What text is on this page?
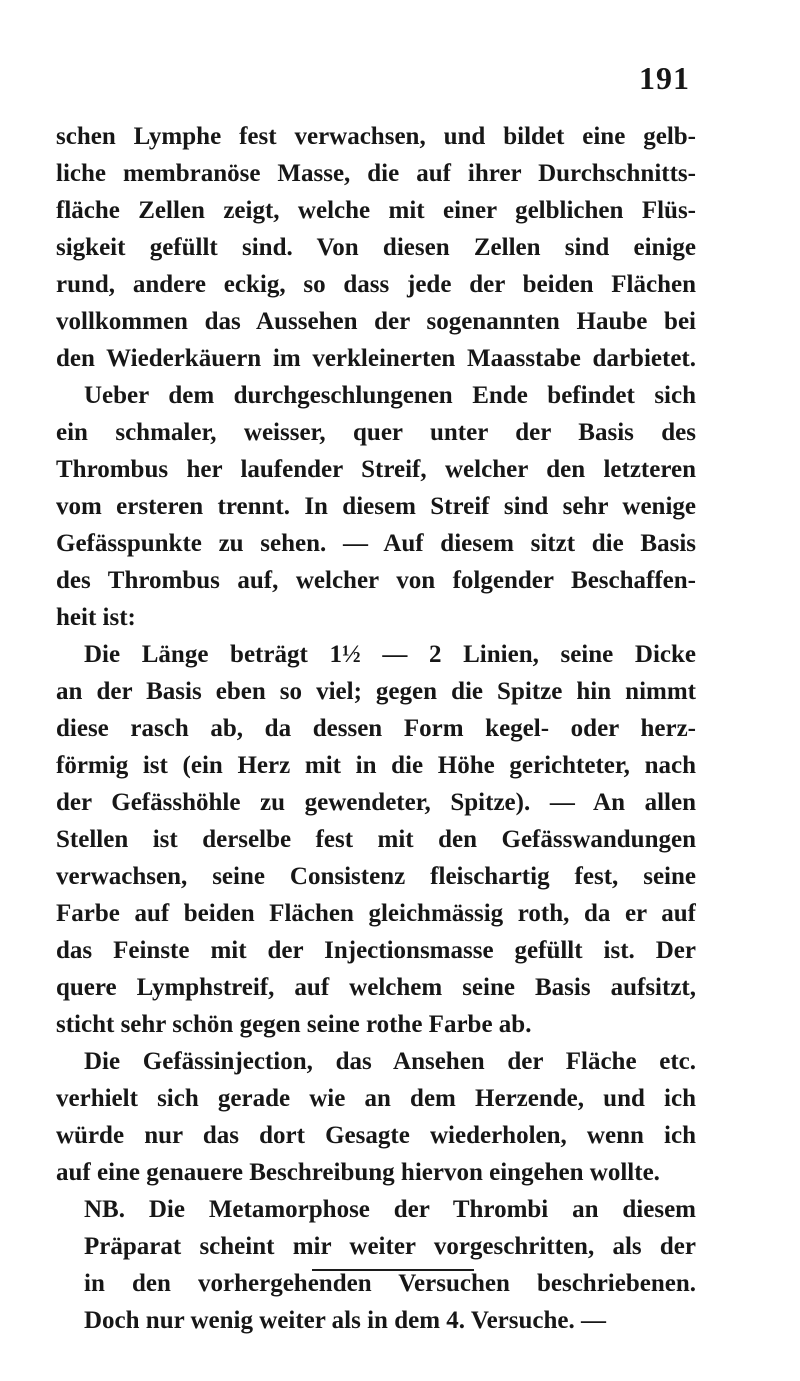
191
schen Lymphe fest verwachsen, und bildet eine gelb-
liche membranöse Masse, die auf ihrer Durchschnitts-
fläche Zellen zeigt, welche mit einer gelblichen Flüs-
sigkeit gefüllt sind. Von diesen Zellen sind einige
rund, andere eckig, so dass jede der beiden Flächen
vollkommen das Aussehen der sogenannten Haube bei
den Wiederkäuern im verkleinerten Maasstabe darbietet.
Ueber dem durchgeschlungenen Ende befindet sich
ein schmaler, weisser, quer unter der Basis des
Thrombus her laufender Streif, welcher den letzteren
vom ersteren trennt. In diesem Streif sind sehr wenige
Gefässpunkte zu sehen. — Auf diesem sitzt die Basis
des Thrombus auf, welcher von folgender Beschaffen-
heit ist:
Die Länge beträgt 1½ — 2 Linien, seine Dicke
an der Basis eben so viel; gegen die Spitze hin nimmt
diese rasch ab, da dessen Form kegel- oder herz-
förmig ist (ein Herz mit in die Höhe gerichteter, nach
der Gefässhöhle zu gewendeter, Spitze). — An allen
Stellen ist derselbe fest mit den Gefässwandungen
verwachsen, seine Consistenz fleischartig fest, seine
Farbe auf beiden Flächen gleichmässig roth, da er auf
das Feinste mit der Injectionsmasse gefüllt ist. Der
quere Lymphstreif, auf welchem seine Basis aufsitzt,
sticht sehr schön gegen seine rothe Farbe ab.
Die Gefässinjection, das Ansehen der Fläche etc.
verhielt sich gerade wie an dem Herzende, und ich
würde nur das dort Gesagte wiederholen, wenn ich
auf eine genauere Beschreibung hiervon eingehen wollte.
NB. Die Metamorphose der Thrombi an diesem
Präparat scheint mir weiter vorgeschritten, als der
in den vorhergehenden Versuchen beschriebenen.
Doch nur wenig weiter als in dem 4. Versuche. —
